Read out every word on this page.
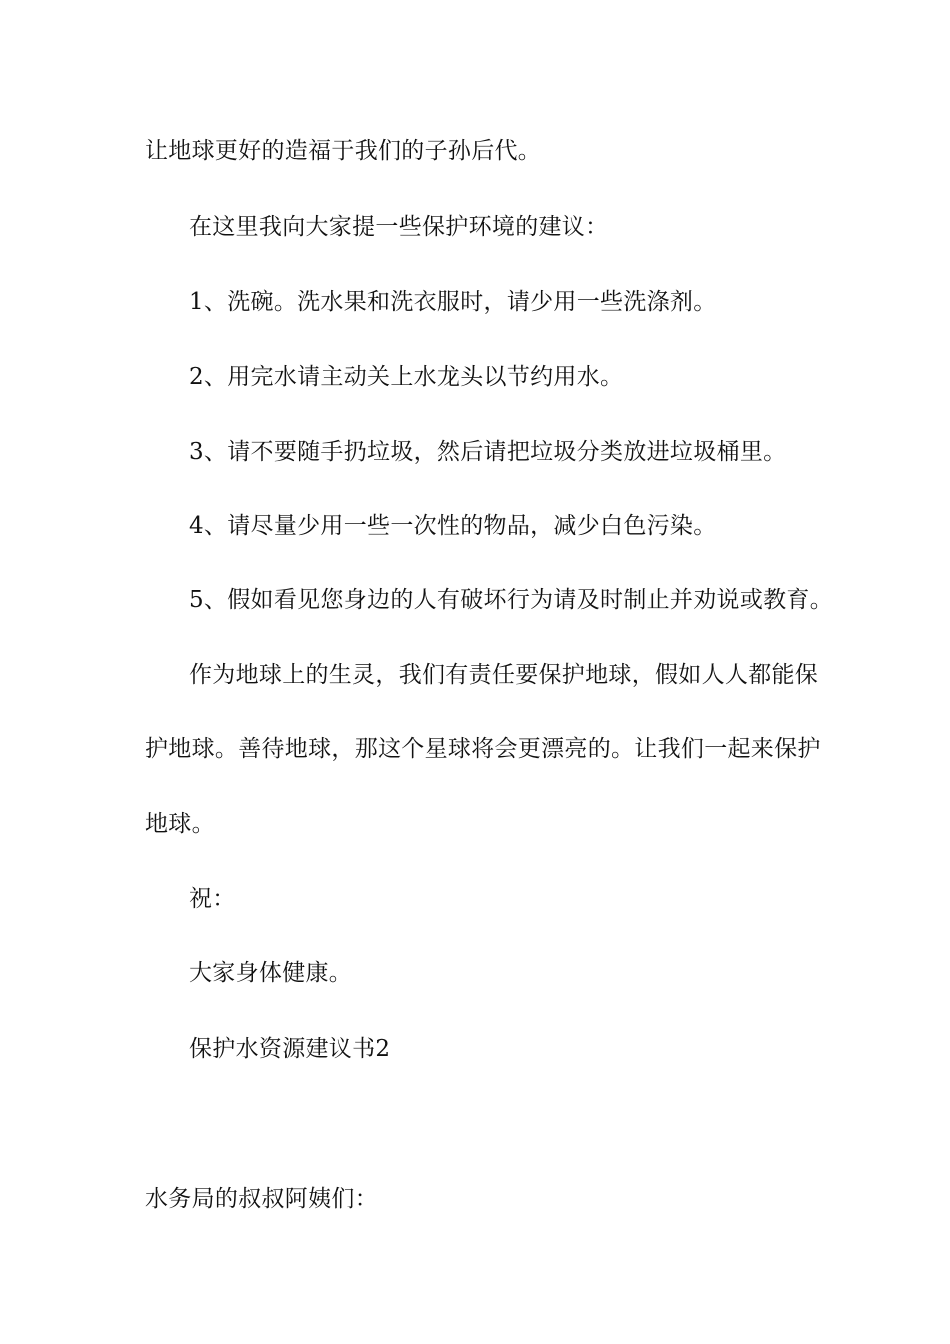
让地球更好的造福于我们的子孙后代。
在这里我向大家提一些保护环境的建议：
1、洗碗。洗水果和洗衣服时，请少用一些洗涤剂。
2、用完水请主动关上水龙头以节约用水。
3、请不要随手扔垃圾，然后请把垃圾分类放进垃圾桶里。
4、请尽量少用一些一次性的物品，减少白色污染。
5、假如看见您身边的人有破坏行为请及时制止并劝说或教育。
作为地球上的生灵，我们有责任要保护地球，假如人人都能保
护地球。善待地球，那这个星球将会更漂亮的。让我们一起来保护
地球。
祝：
大家身体健康。
保护水资源建议书2
水务局的叔叔阿姨们：
